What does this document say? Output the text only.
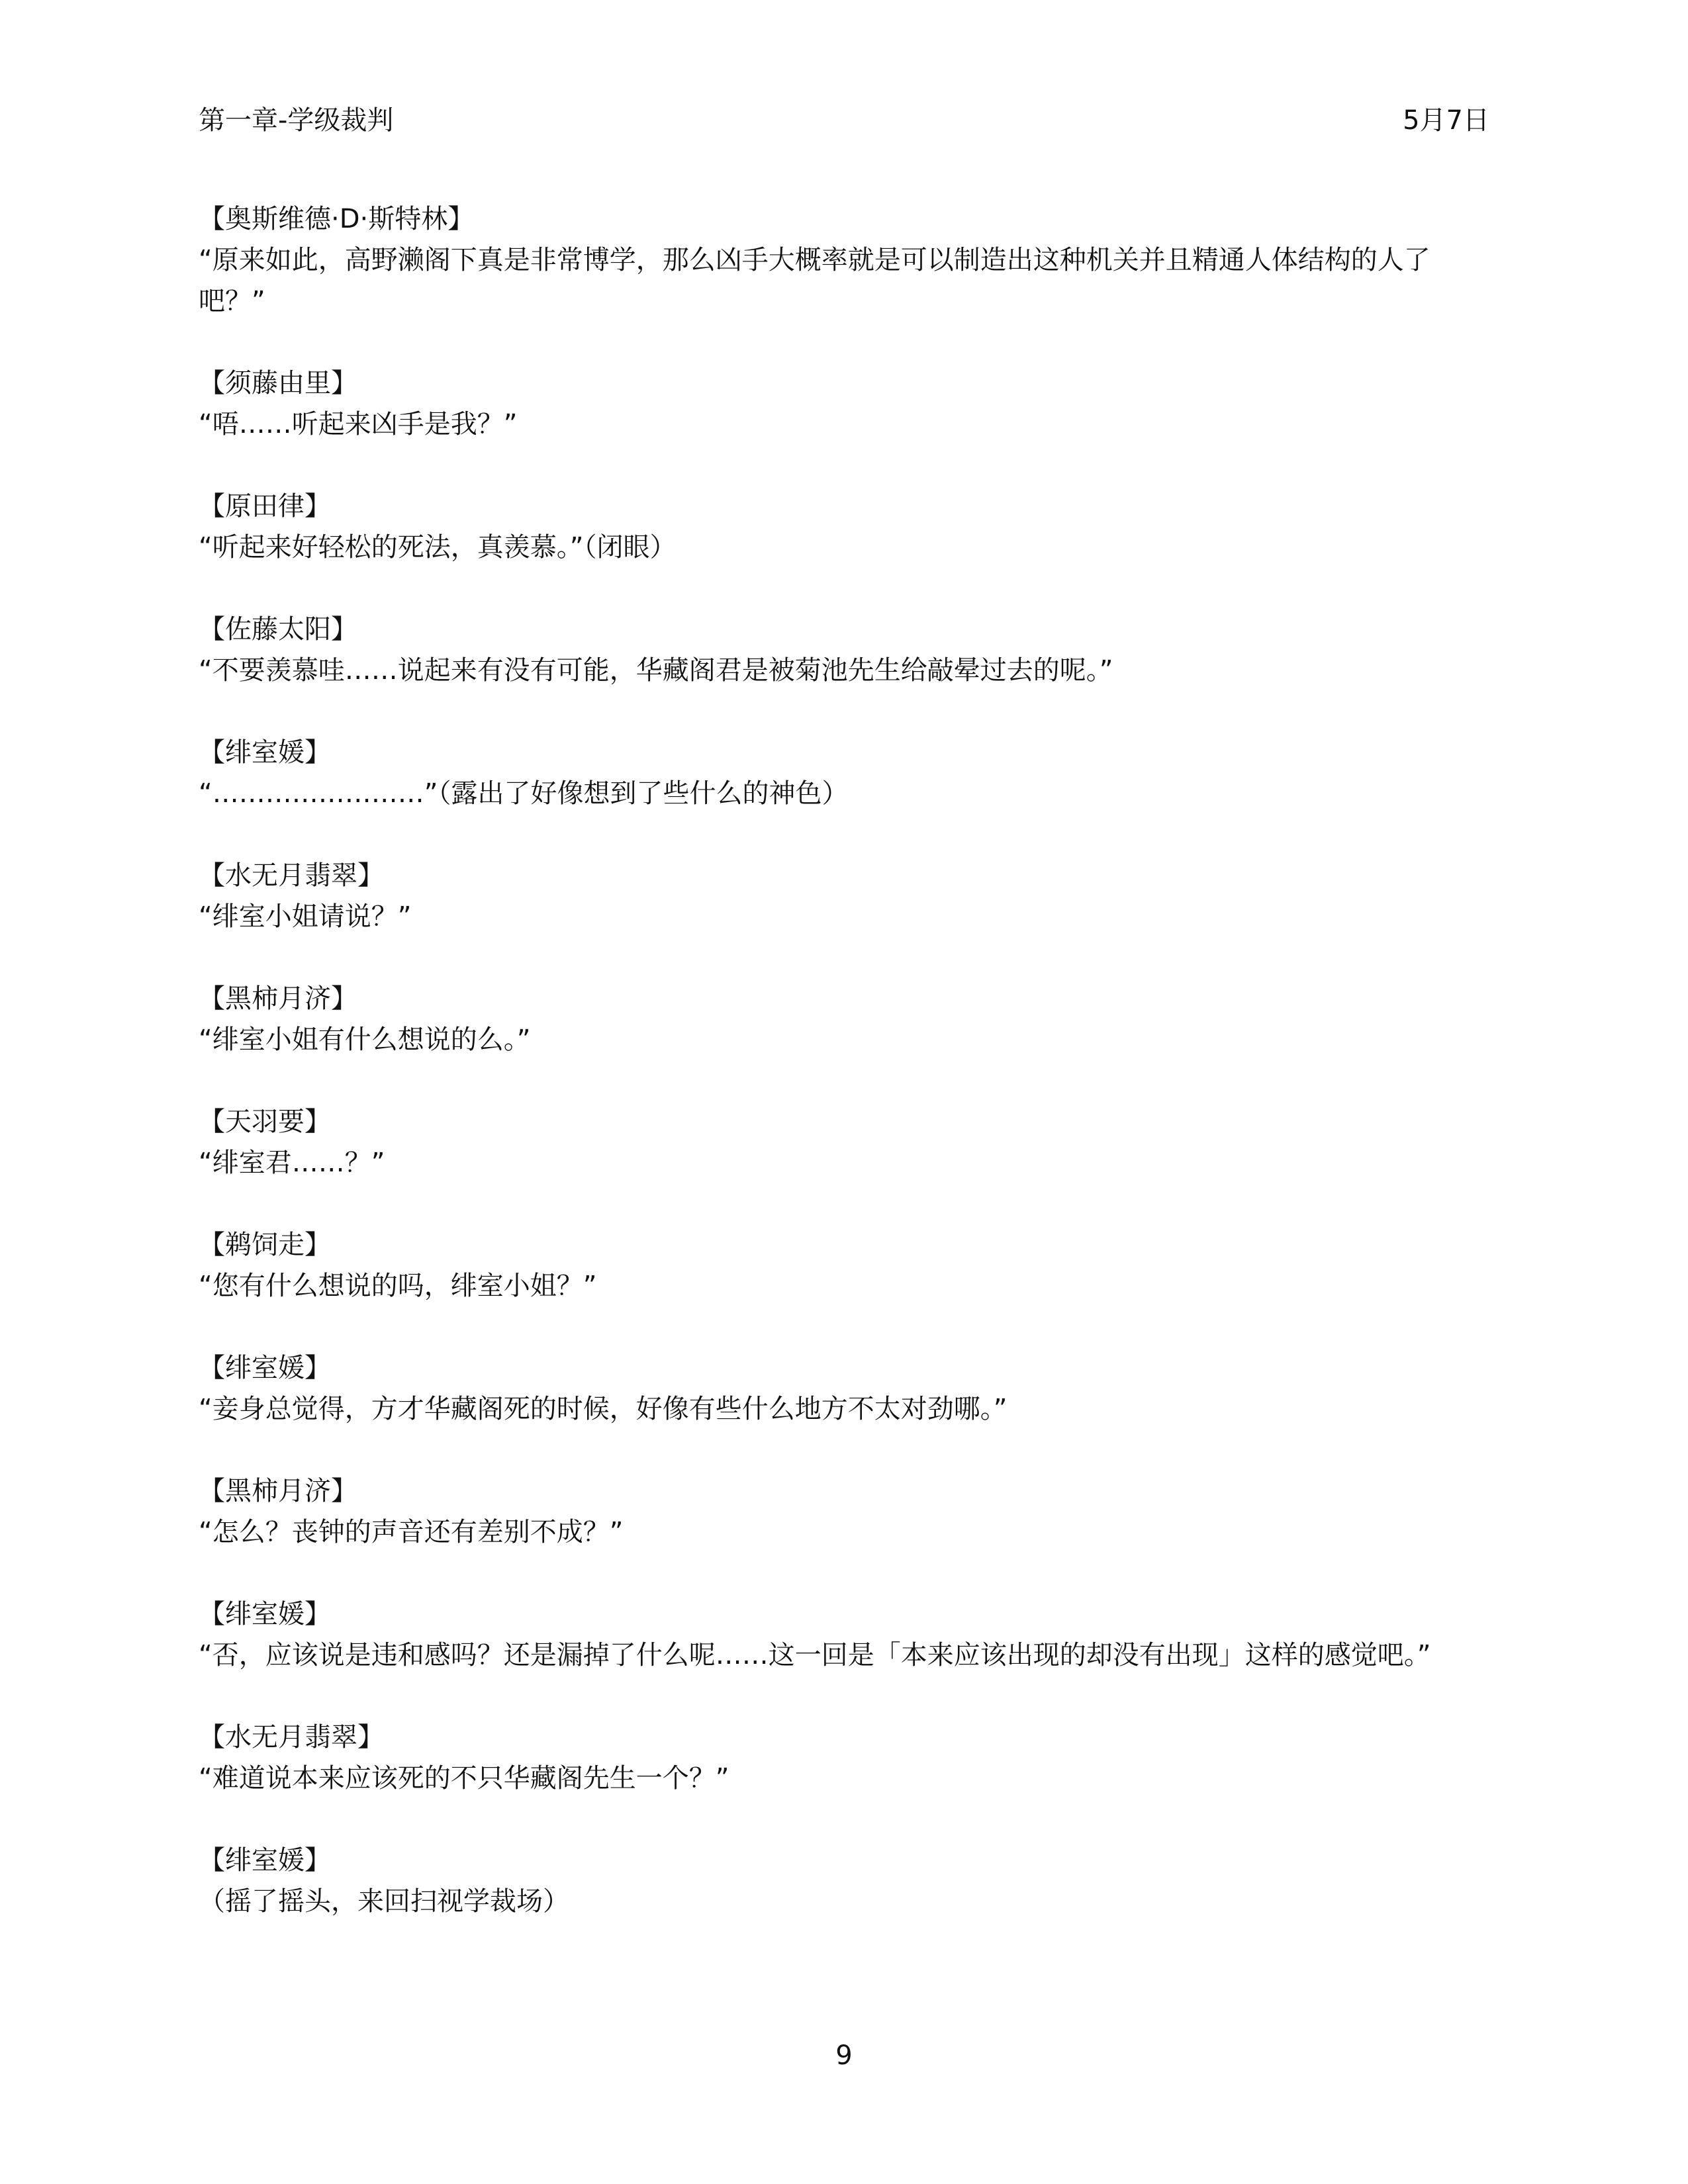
第一章-学级裁判	5月7日
【奥斯维德·D·斯特林】
“原来如此，高野濑阁下真是非常博学，那么凶手大概率就是可以制造出这种机关并且精通人体结构的人了吧？”
【须藤由里】
“唔……听起来凶手是我？”
【原田律】
“听起来好轻松的死法，真羡慕。”（闭眼）
【佐藤太阳】
“不要羡慕哇……说起来有没有可能，华藏阁君是被菊池先生给敲晕过去的呢。”
【绯室媛】
“……………………”（露出了好像想到了些什么的神色）
【水无月翡翠】
“绯室小姐请说？”
【黑柿月济】
“绯室小姐有什么想说的么。”
【天羽要】
“绯室君……？”
【鹈饲走】
“您有什么想说的吗，绯室小姐？”
【绯室媛】
“妾身总觉得，方才华藏阁死的时候，好像有些什么地方不太对劲哪。”
【黑柿月济】
“怎么？丧钟的声音还有差别不成？”
【绯室媛】
“否，应该说是违和感吗？还是漏掉了什么呢……这一回是「本来应该出现的却没有出现」这样的感觉吧。”
【水无月翡翠】
“难道说本来应该死的不只华藏阁先生一个？”
【绯室媛】
（摇了摇头，来回扫视学裁场）
9
